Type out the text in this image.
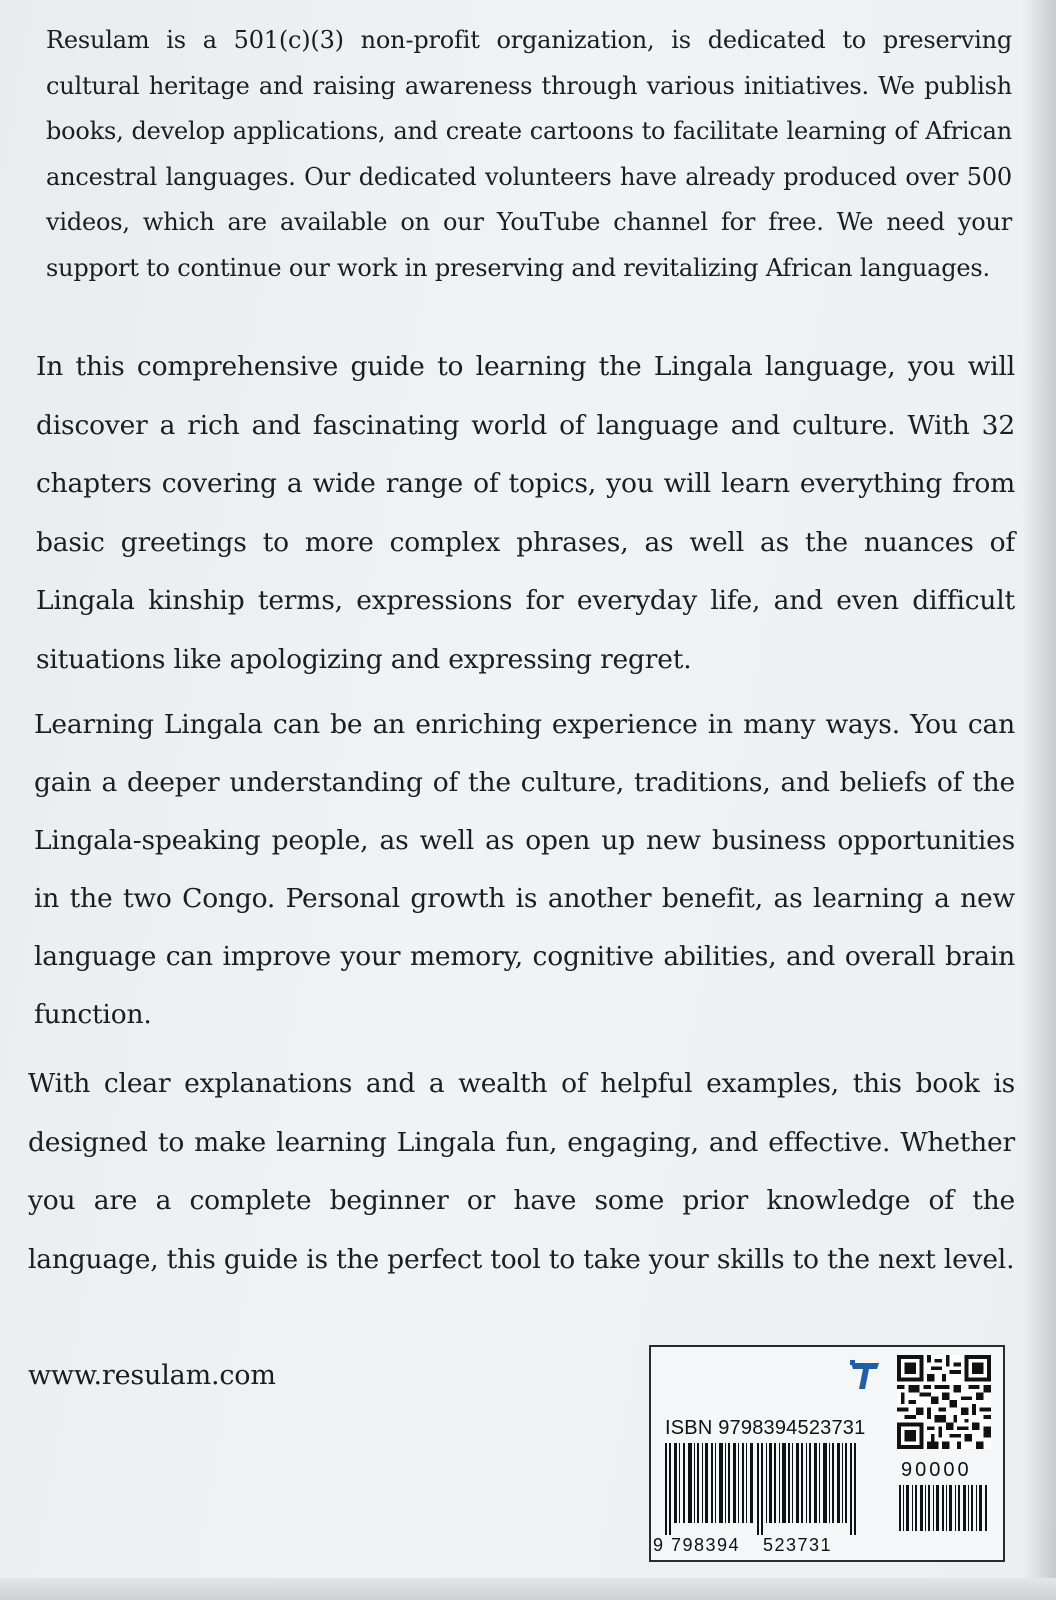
Resulam is a 501(c)(3) non-profit organization, is dedicated to preserving cultural heritage and raising awareness through various initiatives. We publish books, develop applications, and create cartoons to facilitate learning of African ancestral languages. Our dedicated volunteers have already produced over 500 videos, which are available on our YouTube channel for free. We need your support to continue our work in preserving and revitalizing African languages.

In this comprehensive guide to learning the Lingala language, you will discover a rich and fascinating world of language and culture. With 32 chapters covering a wide range of topics, you will learn everything from basic greetings to more complex phrases, as well as the nuances of Lingala kinship terms, expressions for everyday life, and even difficult situations like apologizing and expressing regret.

Learning Lingala can be an enriching experience in many ways. You can gain a deeper understanding of the culture, traditions, and beliefs of the Lingala-speaking people, as well as open up new business opportunities in the two Congo. Personal growth is another benefit, as learning a new language can improve your memory, cognitive abilities, and overall brain function.

With clear explanations and a wealth of helpful examples, this book is designed to make learning Lingala fun, engaging, and effective. Whether you are a complete beginner or have some prior knowledge of the language, this guide is the perfect tool to take your skills to the next level.

www.resulam.com
ISBN 9798394523731
90000
9 798394 523731
